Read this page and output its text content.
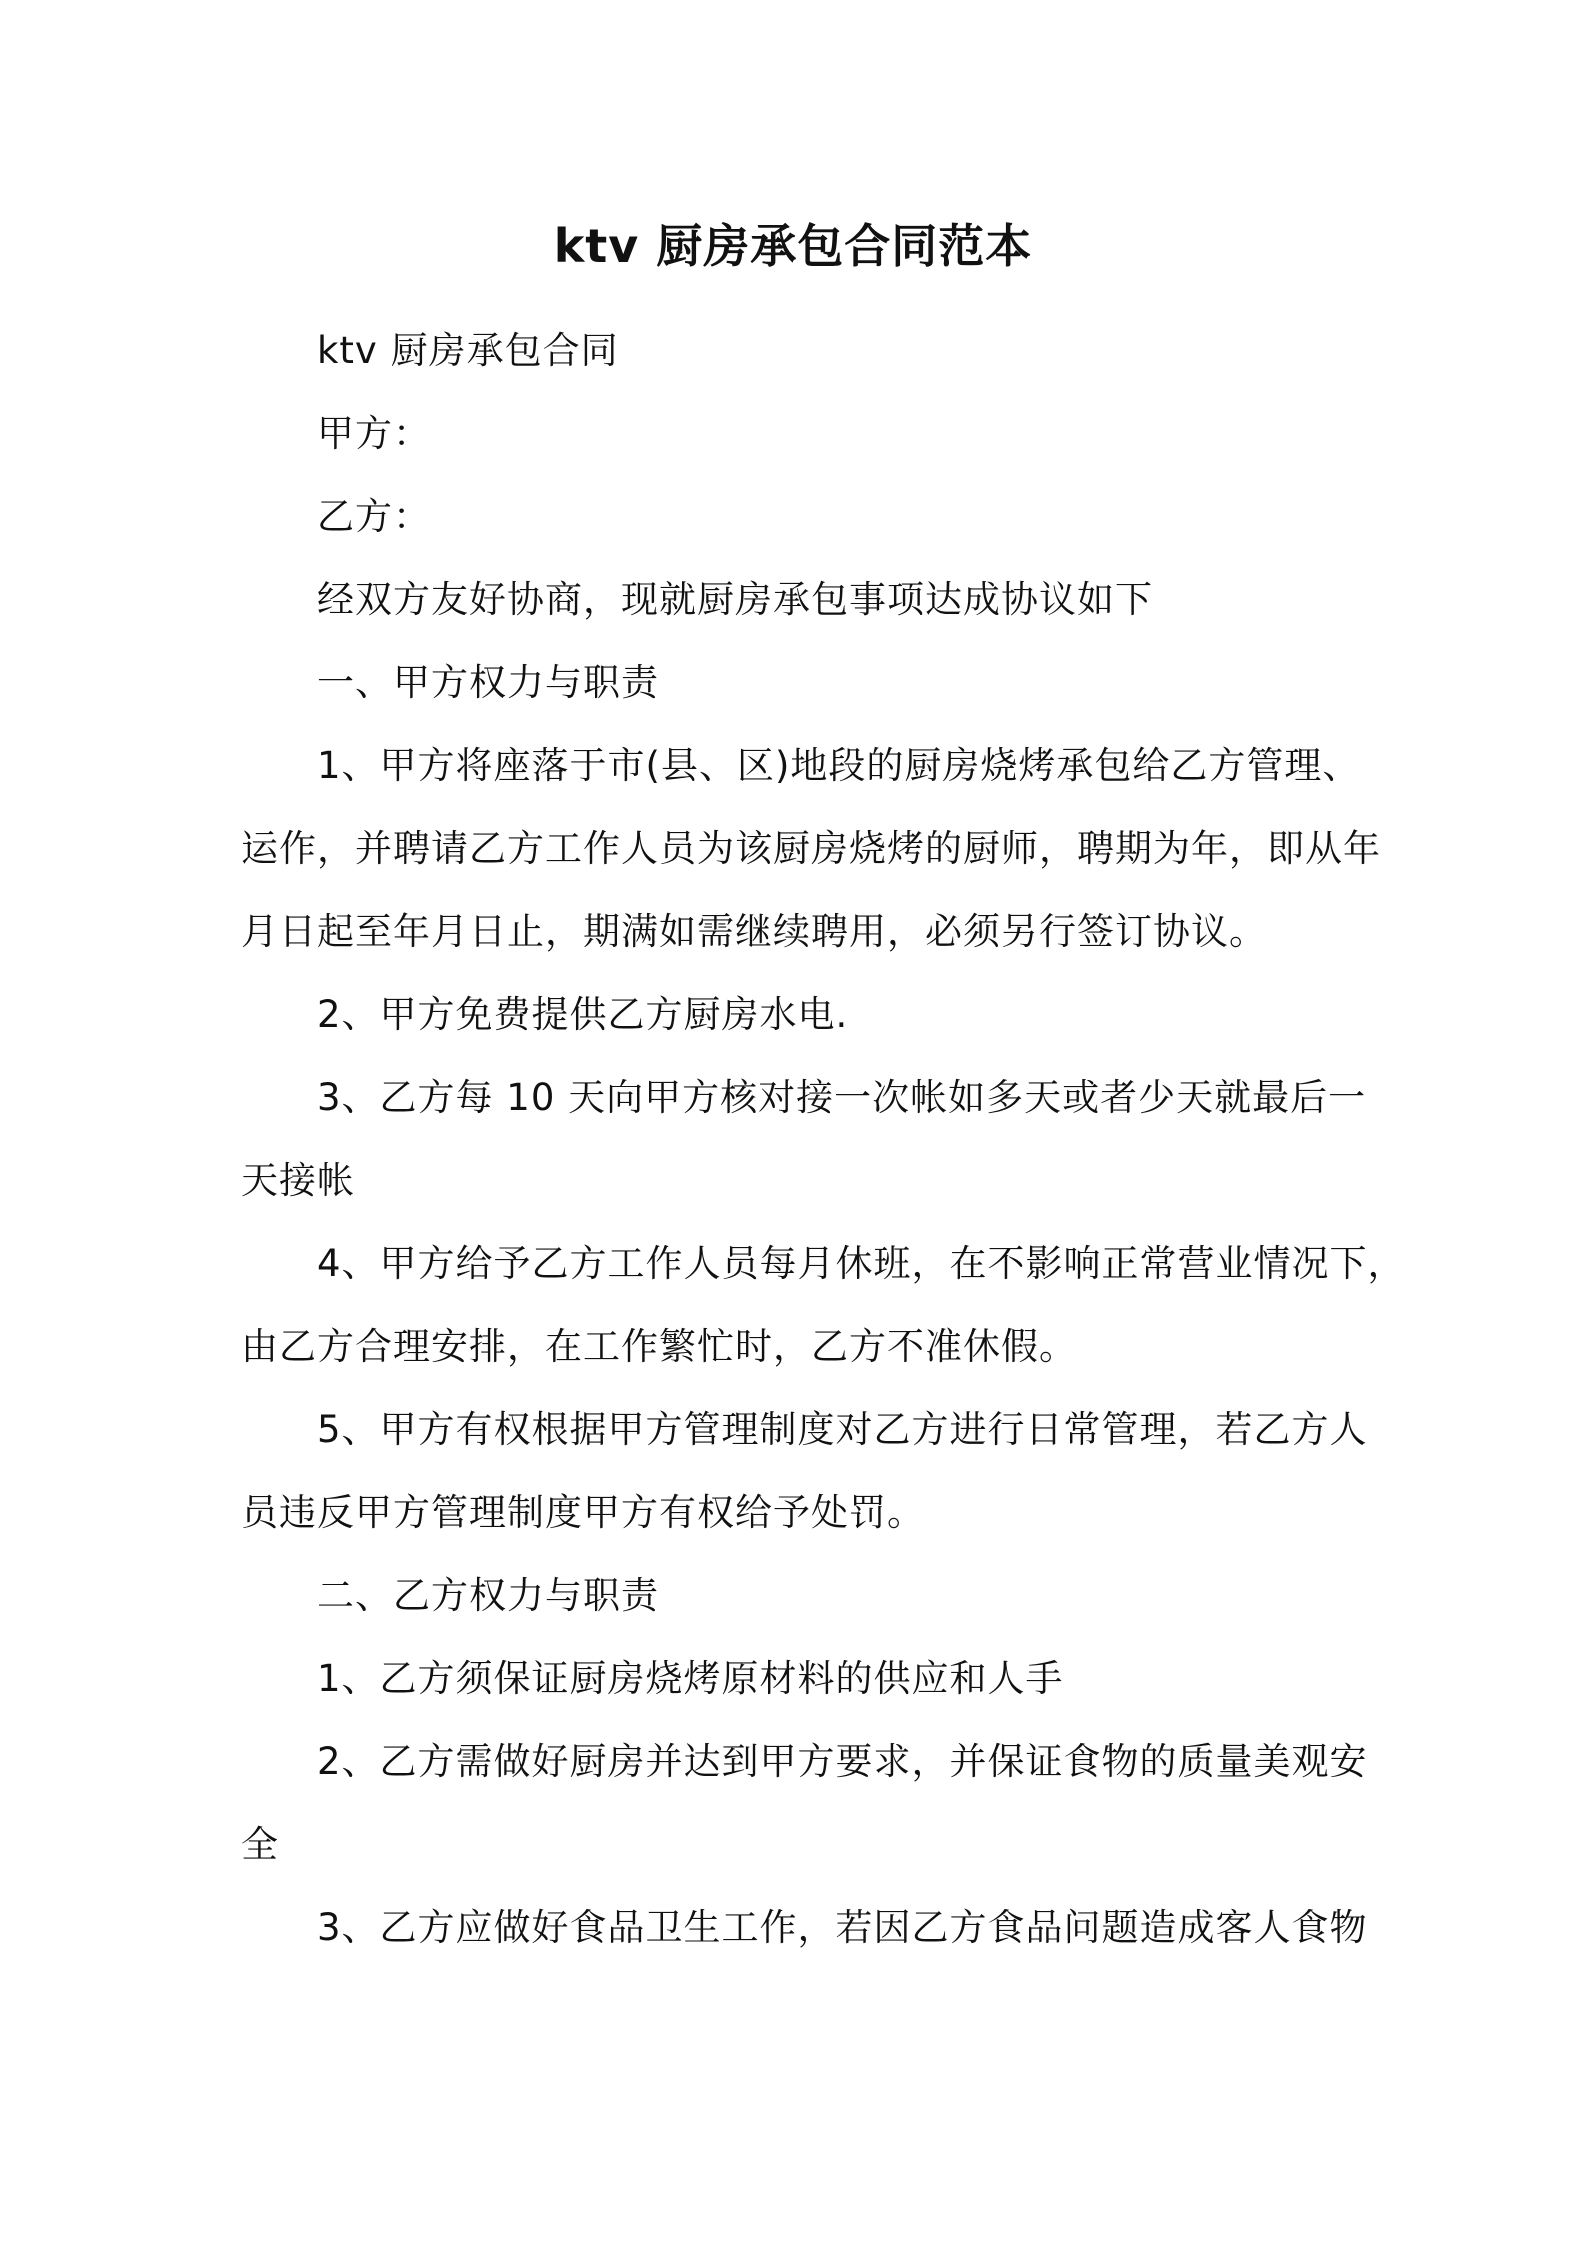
ktv 厨房承包合同范本
ktv 厨房承包合同
甲方：
乙方：
经双方友好协商，现就厨房承包事项达成协议如下
一、甲方权力与职责
1、甲方将座落于市(县、区)地段的厨房烧烤承包给乙方管理、
运作，并聘请乙方工作人员为该厨房烧烤的厨师，聘期为年，即从年
月日起至年月日止，期满如需继续聘用，必须另行签订协议。
2、甲方免费提供乙方厨房水电.
3、乙方每 10 天向甲方核对接一次帐如多天或者少天就最后一
天接帐
4、甲方给予乙方工作人员每月休班，在不影响正常营业情况下，
由乙方合理安排，在工作繁忙时，乙方不准休假。
5、甲方有权根据甲方管理制度对乙方进行日常管理，若乙方人
员违反甲方管理制度甲方有权给予处罚。
二、乙方权力与职责
1、乙方须保证厨房烧烤原材料的供应和人手
2、乙方需做好厨房并达到甲方要求，并保证食物的质量美观安
全
3、乙方应做好食品卫生工作，若因乙方食品问题造成客人食物
